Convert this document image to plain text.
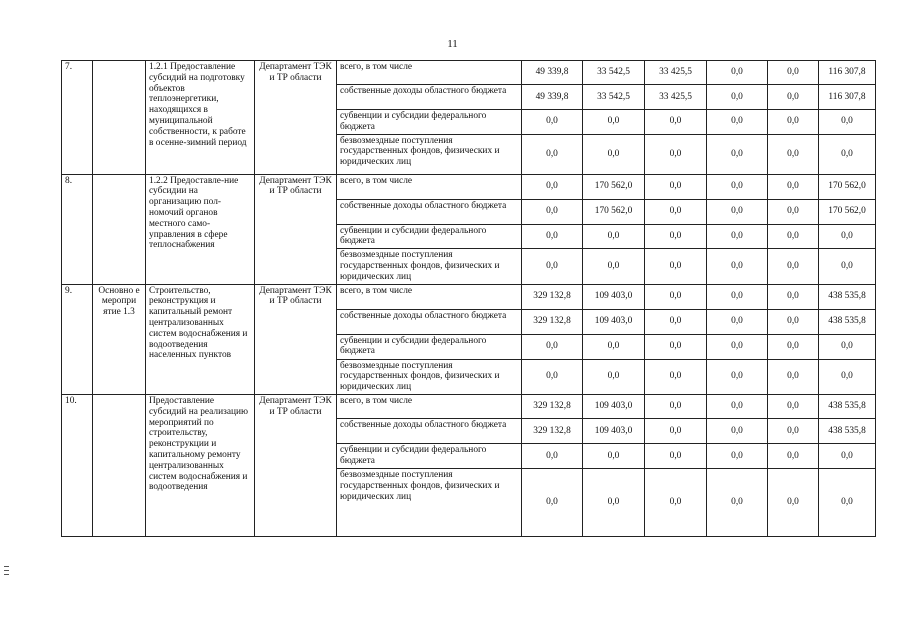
11
7.		1.2.1 Предоставление субсидий на подготовку объектов теплоэнергетики, находящихся в муниципальной собственности, к работе в осенне-зимний период	Департамент ТЭК и ТР области	всего, в том числе	49 339,8	33 542,5	33 425,5	0,0	0,0	116 307,8
				собственные доходы областного бюджета	49 339,8	33 542,5	33 425,5	0,0	0,0	116 307,8
				субвенции и субсидии федерального бюджета	0,0	0,0	0,0	0,0	0,0	0,0
				безвозмездные поступления государственных фондов, физических и юридических лиц	0,0	0,0	0,0	0,0	0,0	0,0
8.		1.2.2 Предоставле-ние субсидии на организацию пол-номочий органов местного само-управления в сфере теплоснабжения	Департамент ТЭК и ТР области	всего, в том числе	0,0	170 562,0	0,0	0,0	0,0	170 562,0
				собственные доходы областного бюджета	0,0	170 562,0	0,0	0,0	0,0	170 562,0
				субвенции и субсидии федерального бюджета	0,0	0,0	0,0	0,0	0,0	0,0
				безвозмездные поступления государственных фондов, физических и юридических лиц	0,0	0,0	0,0	0,0	0,0	0,0
9.	Основно е меропри ятие 1.3	Строительство, реконструкция и капитальный ремонт централизованных систем водоснабжения и водоотведения населенных пунктов	Департамент ТЭК и ТР области	всего, в том числе	329 132,8	109 403,0	0,0	0,0	0,0	438 535,8
				собственные доходы областного бюджета	329 132,8	109 403,0	0,0	0,0	0,0	438 535,8
				субвенции и субсидии федерального бюджета	0,0	0,0	0,0	0,0	0,0	0,0
				безвозмездные поступления государственных фондов, физических и юридических лиц	0,0	0,0	0,0	0,0	0,0	0,0
10.		Предоставление субсидий на реализацию мероприятий по строительству, реконструкции и капитальному ремонту централизованных систем водоснабжения и водоотведения	Департамент ТЭК и ТР области	всего, в том числе	329 132,8	109 403,0	0,0	0,0	0,0	438 535,8
				собственные доходы областного бюджета	329 132,8	109 403,0	0,0	0,0	0,0	438 535,8
				субвенции и субсидии федерального бюджета	0,0	0,0	0,0	0,0	0,0	0,0
				безвозмездные поступления государственных фондов, физических и юридических лиц	0,0	0,0	0,0	0,0	0,0	0,0
